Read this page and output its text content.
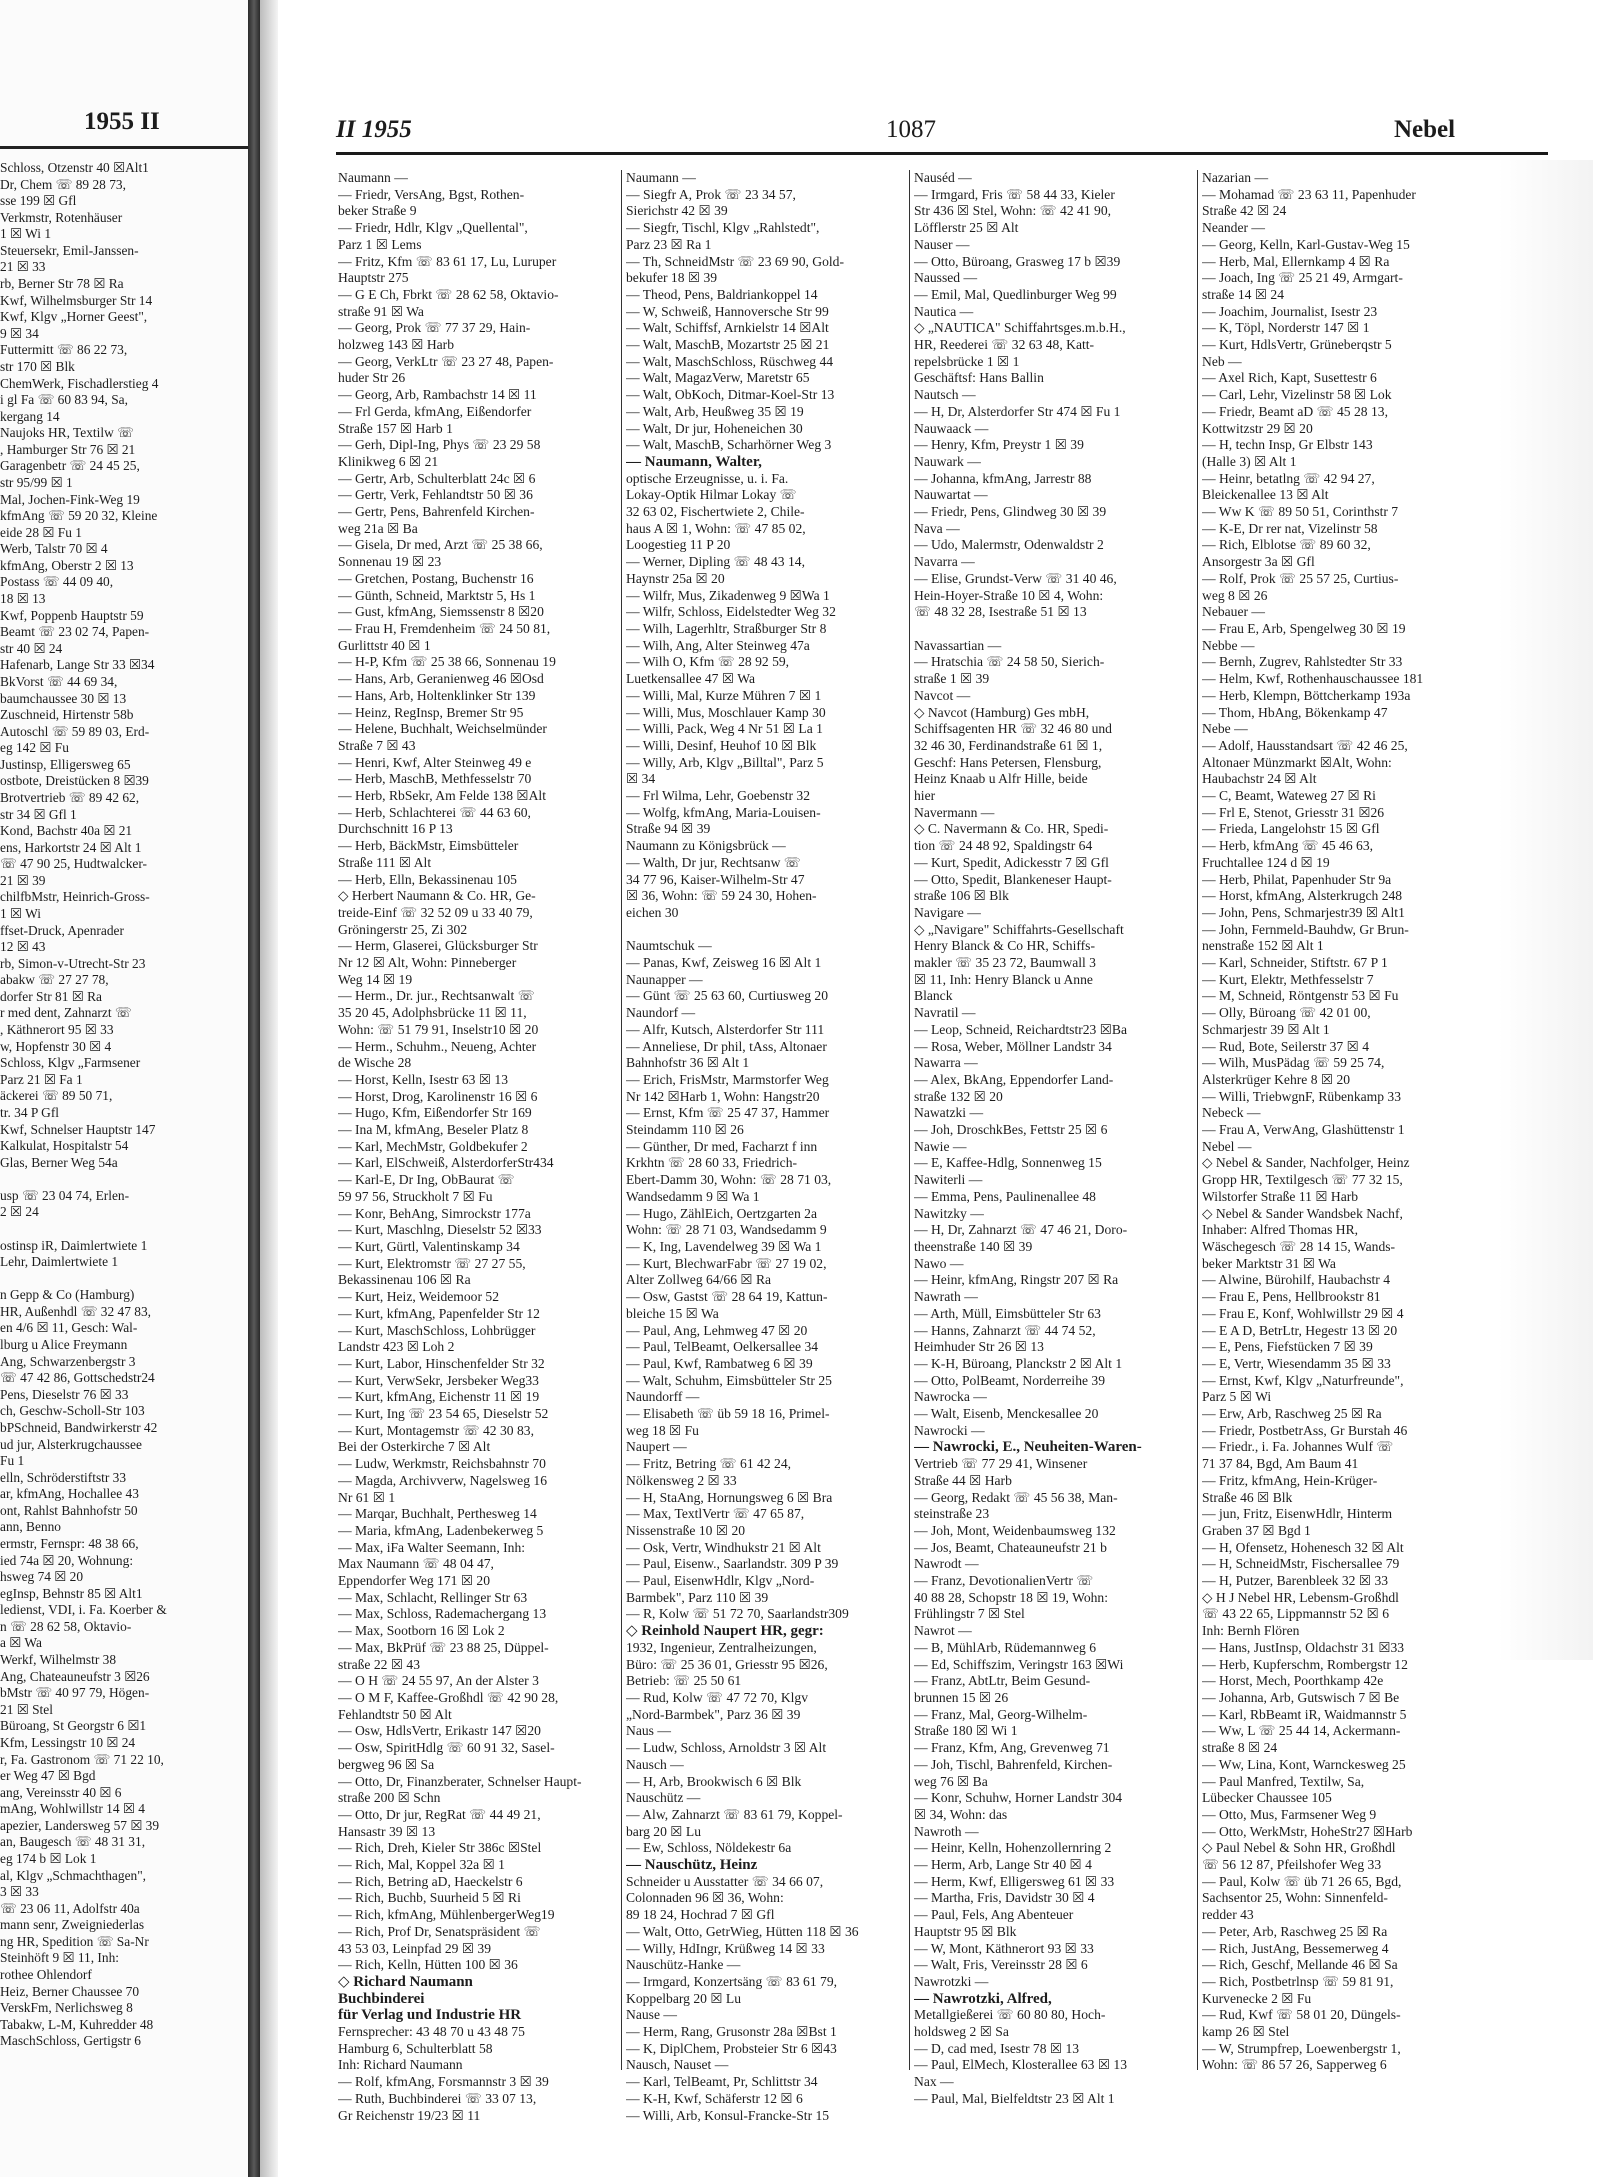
1955 II
Schloss, Otzenstr 40 ☒Alt1
Dr, Chem ☏ 89 28 73,
sse 199 ☒ Gfl
Verkmstr, Rotenhäuser
1 ☒ Wi 1
Steuersekr, Emil-Janssen-
21 ☒ 33
rb, Berner Str 78 ☒ Ra
Kwf, Wilhelmsburger Str 14
Kwf, Klgv „Horner Geest",
9 ☒ 34
Futtermitt ☏ 86 22 73,
str 170 ☒ Blk
ChemWerk, Fischadlerstieg 4
i gl Fa ☏ 60 83 94, Sa,
kergang 14
Naujoks HR, Textilw ☏
, Hamburger Str 76 ☒ 21
Garagenbetr ☏ 24 45 25,
str 95/99 ☒ 1
Mal, Jochen-Fink-Weg 19
kfmAng ☏ 59 20 32, Kleine
eide 28 ☒ Fu 1
Werb, Talstr 70 ☒ 4
kfmAng, Oberstr 2 ☒ 13
Postass ☏ 44 09 40,
18 ☒ 13
Kwf, Poppenb Hauptstr 59
Beamt ☏ 23 02 74, Papen-
str 40 ☒ 24
Hafenarb, Lange Str 33 ☒34
BkVorst ☏ 44 69 34,
baumchaussee 30 ☒ 13
Zuschneid, Hirtenstr 58b
Autoschl ☏ 59 89 03, Erd-
eg 142 ☒ Fu
Justinsp, Elligersweg 65
ostbote, Dreistücken 8 ☒39
Brotvertrieb ☏ 89 42 62,
str 34 ☒ Gfl 1
Kond, Bachstr 40a ☒ 21
ens, Harkortstr 24 ☒ Alt 1
☏ 47 90 25, Hudtwalcker-
21 ☒ 39
chilfbMstr, Heinrich-Gross-
1 ☒ Wi
ffset-Druck, Apenrader
12 ☒ 43
rb, Simon-v-Utrecht-Str 23
abakw ☏ 27 27 78,
dorfer Str 81 ☒ Ra
r med dent, Zahnarzt ☏
, Käthnerort 95 ☒ 33
w, Hopfenstr 30 ☒ 4
Schloss, Klgv „Farmsener
Parz 21 ☒ Fa 1
äckerei ☏ 89 50 71,
tr. 34 P Gfl
Kwf, Schnelser Hauptstr 147
Kalkulat, Hospitalstr 54
Glas, Berner Weg 54a

usp ☏ 23 04 74, Erlen-
2 ☒ 24

ostinsp iR, Daimlertwiete 1
Lehr, Daimlertwiete 1

n Gepp & Co (Hamburg)
HR, Außenhdl ☏ 32 47 83,
en 4/6 ☒ 11, Gesch: Wal-
lburg u Alice Freymann
Ang, Schwarzenbergstr 3
☏ 47 42 86, Gottschedstr24
Pens, Dieselstr 76 ☒ 33
ch, Geschw-Scholl-Str 103
bPSchneid, Bandwirkerstr 42
ud jur, Alsterkrugchaussee
Fu 1
elln, Schröderstiftstr 33
ar, kfmAng, Hochallee 43
ont, Rahlst Bahnhofstr 50
ann, Benno
ermstr, Fernspr: 48 38 66,
ied 74a ☒ 20, Wohnung:
hsweg 74 ☒ 20
egInsp, Behnstr 85 ☒ Alt1
ledienst, VDI, i. Fa. Koerber &
n ☏ 28 62 58, Oktavio-
a ☒ Wa
Werkf, Wilhelmstr 38
Ang, Chateauneufstr 3 ☒26
bMstr ☏ 40 97 79, Högen-
21 ☒ Stel
Büroang, St Georgstr 6 ☒1
Kfm, Lessingstr 10 ☒ 24
r, Fa. Gastronom ☏ 71 22 10,
er Weg 47 ☒ Bgd
ang, Vereinsstr 40 ☒ 6
mAng, Wohlwillstr 14 ☒ 4
apezier, Landersweg 57 ☒ 39
an, Baugesch ☏ 48 31 31,
eg 174 b ☒ Lok 1
al, Klgv „Schmachthagen",
3 ☒ 33
☏ 23 06 11, Adolfstr 40a
mann senr, Zweigniederlas
ng HR, Spedition ☏ Sa-Nr
Steinhöft 9 ☒ 11, Inh:
rothee Ohlendorf
Heiz, Berner Chaussee 70
VerskFm, Nerlichsweg 8
Tabakw, L-M, Kuhredder 48
MaschSchloss, Gertigstr 6
II 1955	1087	Nebel
Naumann —
— Friedr, VersAng, Bgst, Rothen-
beker Straße 9
— Friedr, Hdlr, Klgv „Quellental",
Parz 1 ☒ Lems
— Fritz, Kfm ☏ 83 61 17, Lu, Luruper
Hauptstr 275
— G E Ch, Fbrkt ☏ 28 62 58, Oktavio-
straße 91 ☒ Wa
— Georg, Prok ☏ 77 37 29, Hain-
holzweg 143 ☒ Harb
— Georg, VerkLtr ☏ 23 27 48, Papen-
huder Str 26
— Georg, Arb, Rambachstr 14 ☒ 11
— Frl Gerda, kfmAng, Eißendorfer
Straße 157 ☒ Harb 1
— Gerh, Dipl-Ing, Phys ☏ 23 29 58
Klinikweg 6 ☒ 21
— Gertr, Arb, Schulterblatt 24c ☒ 6
— Gertr, Verk, Fehlandtstr 50 ☒ 36
— Gertr, Pens, Bahrenfeld Kirchen-
weg 21a ☒ Ba
— Gisela, Dr med, Arzt ☏ 25 38 66,
Sonnenau 19 ☒ 23
— Gretchen, Postang, Buchenstr 16
— Günth, Schneid, Marktstr 5, Hs 1
— Gust, kfmAng, Siemssenstr 8 ☒20
— Frau H, Fremdenheim ☏ 24 50 81,
Gurlittstr 40 ☒ 1
— H-P, Kfm ☏ 25 38 66, Sonnenau 19
— Hans, Arb, Geranienweg 46 ☒Osd
— Hans, Arb, Holtenklinker Str 139
— Heinz, RegInsp, Bremer Str 95
— Helene, Buchhalt, Weichselmünder
Straße 7 ☒ 43
— Henri, Kwf, Alter Steinweg 49 e
— Herb, MaschB, Methfesselstr 70
— Herb, RbSekr, Am Felde 138 ☒Alt
— Herb, Schlachterei ☏ 44 63 60,
Durchschnitt 16 P 13
— Herb, BäckMstr, Eimsbütteler
Straße 111 ☒ Alt
— Herb, Elln, Bekassinenau 105
◇ Herbert Naumann & Co. HR, Ge-
treide-Einf ☏ 32 52 09 u 33 40 79,
Gröningerstr 25, Zi 302
— Herm, Glaserei, Glücksburger Str
Nr 12 ☒ Alt, Wohn: Pinneberger
Weg 14 ☒ 19
— Herm., Dr. jur., Rechtsanwalt ☏
35 20 45, Adolphsbrücke 11 ☒ 11,
Wohn: ☏ 51 79 91, Inselstr10 ☒ 20
— Herm., Schuhm., Neueng, Achter
de Wische 28
— Horst, Kelln, Isestr 63 ☒ 13
— Horst, Drog, Karolinenstr 16 ☒ 6
— Hugo, Kfm, Eißendorfer Str 169
— Ina M, kfmAng, Beseler Platz 8
— Karl, MechMstr, Goldbekufer 2
— Karl, ElSchweiß, AlsterdorferStr434
— Karl-E, Dr Ing, ObBaurat ☏
59 97 56, Struckholt 7 ☒ Fu
— Konr, BehAng, Simrockstr 177a
— Kurt, Maschlng, Dieselstr 52 ☒33
— Kurt, Gürtl, Valentinskamp 34
— Kurt, Elektromstr ☏ 27 27 55,
Bekassinenau 106 ☒ Ra
— Kurt, Heiz, Weidemoor 52
— Kurt, kfmAng, Papenfelder Str 12
— Kurt, MaschSchloss, Lohbrügger
Landstr 423 ☒ Loh 2
— Kurt, Labor, Hinschenfelder Str 32
— Kurt, VerwSekr, Jersbeker Weg33
— Kurt, kfmAng, Eichenstr 11 ☒ 19
— Kurt, Ing ☏ 23 54 65, Dieselstr 52
— Kurt, Montagemstr ☏ 42 30 83,
Bei der Osterkirche 7 ☒ Alt
— Ludw, Werkmstr, Reichsbahnstr 70
— Magda, Archivverw, Nagelsweg 16
Nr 61 ☒ 1
— Marqar, Buchhalt, Perthesweg 14
— Maria, kfmAng, Ladenbekerweg 5
— Max, iFa Walter Seemann, Inh:
Max Naumann ☏ 48 04 47,
Eppendorfer Weg 171 ☒ 20
— Max, Schlacht, Rellinger Str 63
— Max, Schloss, Rademachergang 13
— Max, Sootborn 16 ☒ Lok 2
— Max, BkPrüf ☏ 23 88 25, Düppel-
straße 22 ☒ 43
— O H ☏ 24 55 97, An der Alster 3
— O M F, Kaffee-Großhdl ☏ 42 90 28,
Fehlandtstr 50 ☒ Alt
— Osw, HdlsVertr, Erikastr 147 ☒20
— Osw, SpiritHdlg ☏ 60 91 32, Sasel-
bergweg 96 ☒ Sa
— Otto, Dr, Finanzberater, Schnelser Haupt-
straße 200 ☒ Schn
— Otto, Dr jur, RegRat ☏ 44 49 21,
Hansastr 39 ☒ 13
— Rich, Dreh, Kieler Str 386c ☒Stel
— Rich, Mal, Koppel 32a ☒ 1
— Rich, Betring aD, Haeckelstr 6
— Rich, Buchb, Suurheid 5 ☒ Ri
— Rich, kfmAng, MühlenbergerWeg19
— Rich, Prof Dr, Senatspräsident ☏
43 53 03, Leinpfad 29 ☒ 39
— Rich, Kelln, Hütten 100 ☒ 36
◇ Richard Naumann
Buchbinderei
für Verlag und Industrie HR
Fernsprecher: 43 48 70 u 43 48 75
Hamburg 6, Schulterblatt 58
Inh: Richard Naumann
— Rolf, kfmAng, Forsmannstr 3 ☒ 39
— Ruth, Buchbinderei ☏ 33 07 13,
Gr Reichenstr 19/23 ☒ 11
Naumann —
— Siegfr A, Prok ☏ 23 34 57,
Sierichstr 42 ☒ 39
— Siegfr, Tischl, Klgv „Rahlstedt",
Parz 23 ☒ Ra 1
— Th, SchneidMstr ☏ 23 69 90, Gold-
bekufer 18 ☒ 39
— Theod, Pens, Baldriankoppel 14
— W, Schweiß, Hannoversche Str 99
— Walt, Schiffsf, Arnkielstr 14 ☒Alt
— Walt, MaschB, Mozartstr 25 ☒ 21
— Walt, MaschSchloss, Rüschweg 44
— Walt, MagazVerw, Maretstr 65
— Walt, ObKoch, Ditmar-Koel-Str 13
— Walt, Arb, Heußweg 35 ☒ 19
— Walt, Dr jur, Hoheneichen 30
— Walt, MaschB, Scharhörner Weg 3
— Naumann, Walter,
optische Erzeugnisse, u. i. Fa.
Lokay-Optik Hilmar Lokay ☏
32 63 02, Fischertwiete 2, Chile-
haus A ☒ 1, Wohn: ☏ 47 85 02,
Loogestieg 11 P 20
— Werner, Dipling ☏ 48 43 14,
Haynstr 25a ☒ 20
— Wilfr, Mus, Zikadenweg 9 ☒Wa 1
— Wilfr, Schloss, Eidelstedter Weg 32
— Wilh, Lagerhltr, Straßburger Str 8
— Wilh, Ang, Alter Steinweg 47a
— Wilh O, Kfm ☏ 28 92 59,
Luetkensallee 47 ☒ Wa
— Willi, Mal, Kurze Mühren 7 ☒ 1
— Willi, Mus, Moschlauer Kamp 30
— Willi, Pack, Weg 4 Nr 51 ☒ La 1
— Willi, Desinf, Heuhof 10 ☒ Blk
— Willy, Arb, Klgv „Billtal", Parz 5
☒ 34
— Frl Wilma, Lehr, Goebenstr 32
— Wolfg, kfmAng, Maria-Louisen-
Straße 94 ☒ 39
Naumann zu Königsbrück —
— Walth, Dr jur, Rechtsanw ☏
34 77 96, Kaiser-Wilhelm-Str 47
☒ 36, Wohn: ☏ 59 24 30, Hohen-
eichen 30

Naumtschuk —
— Panas, Kwf, Zeisweg 16 ☒ Alt 1
Naunapper —
— Günt ☏ 25 63 60, Curtiusweg 20
Naundorf —
— Alfr, Kutsch, Alsterdorfer Str 111
— Anneliese, Dr phil, tAss, Altonaer
Bahnhofstr 36 ☒ Alt 1
— Erich, FrisMstr, Marmstorfer Weg
Nr 142 ☒Harb 1, Wohn: Hangstr20
— Ernst, Kfm ☏ 25 47 37, Hammer
Steindamm 110 ☒ 26
— Günther, Dr med, Facharzt f inn
Krkhtn ☏ 28 60 33, Friedrich-
Ebert-Damm 30, Wohn: ☏ 28 71 03,
Wandsedamm 9 ☒ Wa 1
— Hugo, ZählEich, Oertzgarten 2a
Wohn: ☏ 28 71 03, Wandsedamm 9
— K, Ing, Lavendelweg 39 ☒ Wa 1
— Kurt, BlechwarFabr ☏ 27 19 02,
Alter Zollweg 64/66 ☒ Ra
— Osw, Gastst ☏ 28 64 19, Kattun-
bleiche 15 ☒ Wa
— Paul, Ang, Lehmweg 47 ☒ 20
— Paul, TelBeamt, Oelkersallee 34
— Paul, Kwf, Rambatweg 6 ☒ 39
— Walt, Schuhm, Eimsbütteler Str 25
Naundorff —
— Elisabeth ☏ üb 59 18 16, Primel-
weg 18 ☒ Fu
Naupert —
— Fritz, Betring ☏ 61 42 24,
Nölkensweg 2 ☒ 33
— H, StaAng, Hornungsweg 6 ☒ Bra
— Max, TextlVertr ☏ 47 65 87,
Nissenstraße 10 ☒ 20
— Osk, Vertr, Windhukstr 21 ☒ Alt
— Paul, Eisenw., Saarlandstr. 309 P 39
— Paul, EisenwHdlr, Klgv „Nord-
Barmbek", Parz 110 ☒ 39
— R, Kolw ☏ 51 72 70, Saarlandstr309
◇ Reinhold Naupert HR, gegr:
1932, Ingenieur, Zentralheizungen,
Büro: ☏ 25 36 01, Griesstr 95 ☒26,
Betrieb: ☏ 25 50 61
— Rud, Kolw ☏ 47 72 70, Klgv
„Nord-Barmbek", Parz 36 ☒ 39
Naus —
— Ludw, Schloss, Arnoldstr 3 ☒ Alt
Nausch —
— H, Arb, Brookwisch 6 ☒ Blk
Nauschütz —
— Alw, Zahnarzt ☏ 83 61 79, Koppel-
barg 20 ☒ Lu
— Ew, Schloss, Nöldekestr 6a
— Nauschütz, Heinz
Schneider u Ausstatter ☏ 34 66 07,
Colonnaden 96 ☒ 36, Wohn:
89 18 24, Hochrad 7 ☒ Gfl
— Walt, Otto, GetrWieg, Hütten 118 ☒ 36
— Willy, HdIngr, Krüßweg 14 ☒ 33
Nauschütz-Hanke —
— Irmgard, Konzertsäng ☏ 83 61 79,
Koppelbarg 20 ☒ Lu
Nause —
— Herm, Rang, Grusonstr 28a ☒Bst 1
— K, DiplChem, Probsteier Str 6 ☒43
Nausch, Nauset —
— Karl, TelBeamt, Pr, Schlittstr 34
— K-H, Kwf, Schäferstr 12 ☒ 6
— Willi, Arb, Konsul-Francke-Str 15
Nauséd —
— Irmgard, Fris ☏ 58 44 33, Kieler
Str 436 ☒ Stel, Wohn: ☏ 42 41 90,
Löfflerstr 25 ☒ Alt
Nauser —
— Otto, Büroang, Grasweg 17 b ☒39
Naussed —
— Emil, Mal, Quedlinburger Weg 99
Nautica —
◇ „NAUTICA" Schiffahrtsges.m.b.H.,
HR, Reederei ☏ 32 63 48, Katt-
repelsbrücke 1 ☒ 1
Geschäftsf: Hans Ballin
Nautsch —
— H, Dr, Alsterdorfer Str 474 ☒ Fu 1
Nauwaack —
— Henry, Kfm, Preystr 1 ☒ 39
Nauwark —
— Johanna, kfmAng, Jarrestr 88
Nauwartat —
— Friedr, Pens, Glindweg 30 ☒ 39
Nava —
— Udo, Malermstr, Odenwaldstr 2
Navarra —
— Elise, Grundst-Verw ☏ 31 40 46,
Hein-Hoyer-Straße 10 ☒ 4, Wohn:
☏ 48 32 28, Isestraße 51 ☒ 13

Navassartian —
— Hratschia ☏ 24 58 50, Sierich-
straße 1 ☒ 39
Navcot —
◇ Navcot (Hamburg) Ges mbH,
Schiffsagenten HR ☏ 32 46 80 und
32 46 30, Ferdinandstraße 61 ☒ 1,
Geschf: Hans Petersen, Flensburg,
Heinz Knaab u Alfr Hille, beide
hier
Navermann —
◇ C. Navermann & Co. HR, Spedi-
tion ☏ 24 48 92, Spaldingstr 64
— Kurt, Spedit, Adickesstr 7 ☒ Gfl
— Otto, Spedit, Blankeneser Haupt-
straße 106 ☒ Blk
Navigare —
◇ „Navigare" Schiffahrts-Gesellschaft
Henry Blanck & Co HR, Schiffs-
makler ☏ 35 23 72, Baumwall 3
☒ 11, Inh: Henry Blanck u Anne
Blanck
Navratil —
— Leop, Schneid, Reichardtstr23 ☒Ba
— Rosa, Weber, Möllner Landstr 34
Nawarra —
— Alex, BkAng, Eppendorfer Land-
straße 132 ☒ 20
Nawatzki —
— Joh, DroschkBes, Fettstr 25 ☒ 6
Nawie —
— E, Kaffee-Hdlg, Sonnenweg 15
Nawiterli —
— Emma, Pens, Paulinenallee 48
Nawitzky —
— H, Dr, Zahnarzt ☏ 47 46 21, Doro-
theenstraße 140 ☒ 39
Nawo —
— Heinr, kfmAng, Ringstr 207 ☒ Ra
Nawrath —
— Arth, Müll, Eimsbütteler Str 63
— Hanns, Zahnarzt ☏ 44 74 52,
Heimhuder Str 26 ☒ 13
— K-H, Büroang, Planckstr 2 ☒ Alt 1
— Otto, PolBeamt, Norderreihe 39
Nawrocka —
— Walt, Eisenb, Menckesallee 20
Nawrocki —
— Nawrocki, E., Neuheiten-Waren-
Vertrieb ☏ 77 29 41, Winsener
Straße 44 ☒ Harb
— Georg, Redakt ☏ 45 56 38, Man-
steinstraße 23
— Joh, Mont, Weidenbaumsweg 132
— Jos, Beamt, Chateauneufstr 21 b
Nawrodt —
— Franz, DevotionalienVertr ☏
40 88 28, Schopstr 18 ☒ 19, Wohn:
Frühlingstr 7 ☒ Stel
Nawrot —
— B, MühlArb, Rüdemannweg 6
— Ed, Schiffszim, Veringstr 163 ☒Wi
— Franz, AbtLtr, Beim Gesund-
brunnen 15 ☒ 26
— Franz, Mal, Georg-Wilhelm-
Straße 180 ☒ Wi 1
— Franz, Kfm, Ang, Grevenweg 71
— Joh, Tischl, Bahrenfeld, Kirchen-
weg 76 ☒ Ba
— Konr, Schuhw, Horner Landstr 304
☒ 34, Wohn: das
Nawroth —
— Heinr, Kelln, Hohenzollernring 2
— Herm, Arb, Lange Str 40 ☒ 4
— Herm, Kwf, Elligersweg 61 ☒ 33
— Martha, Fris, Davidstr 30 ☒ 4
— Paul, Fels, Ang Abenteuer
Hauptstr 95 ☒ Blk
— W, Mont, Käthnerort 93 ☒ 33
— Walt, Fris, Vereinsstr 28 ☒ 6
Nawrotzki —
— Nawrotzki, Alfred,
Metallgießerei ☏ 60 80 80, Hoch-
holdsweg 2 ☒ Sa
— D, cad med, Isestr 78 ☒ 13
— Paul, ElMech, Klosterallee 63 ☒ 13
Nax —
— Paul, Mal, Bielfeldtstr 23 ☒ Alt 1
Nazarian —
— Mohamad ☏ 23 63 11, Papenhuder
Straße 42 ☒ 24
Neander —
— Georg, Kelln, Karl-Gustav-Weg 15
— Herb, Mal, Ellernkamp 4 ☒ Ra
— Joach, Ing ☏ 25 21 49, Armgart-
straße 14 ☒ 24
— Joachim, Journalist, Isestr 23
— K, Töpl, Norderstr 147 ☒ 1
— Kurt, HdlsVertr, Grüneberqstr 5
Neb —
— Axel Rich, Kapt, Susettestr 6
— Carl, Lehr, Vizelinstr 58 ☒ Lok
— Friedr, Beamt aD ☏ 45 28 13,
Kottwitzstr 29 ☒ 20
— H, techn Insp, Gr Elbstr 143
(Halle 3) ☒ Alt 1
— Heinr, betatlng ☏ 42 94 27,
Bleickenallee 13 ☒ Alt
— Ww K ☏ 89 50 51, Corinthstr 7
— K-E, Dr rer nat, Vizelinstr 58
— Rich, Elblotse ☏ 89 60 32,
Ansorgestr 3a ☒ Gfl
— Rolf, Prok ☏ 25 57 25, Curtius-
weg 8 ☒ 26
Nebauer —
— Frau E, Arb, Spengelweg 30 ☒ 19
Nebbe —
— Bernh, Zugrev, Rahlstedter Str 33
— Helm, Kwf, Rothenhauschaussee 181
— Herb, Klempn, Böttcherkamp 193a
— Thom, HbAng, Bökenkamp 47
Nebe —
— Adolf, Hausstandsart ☏ 42 46 25,
Altonaer Münzmarkt ☒Alt, Wohn:
Haubachstr 24 ☒ Alt
— C, Beamt, Wateweg 27 ☒ Ri
— Frl E, Stenot, Griesstr 31 ☒26
— Frieda, Langelohstr 15 ☒ Gfl
— Herb, kfmAng ☏ 45 46 63,
Fruchtallee 124 d ☒ 19
— Herb, Philat, Papenhuder Str 9a
— Horst, kfmAng, Alsterkrugch 248
— John, Pens, Schmarjestr39 ☒ Alt1
— John, Fernmeld-Bauhdw, Gr Brun-
nenstraße 152 ☒ Alt 1
— Karl, Schneider, Stiftstr. 67 P 1
— Kurt, Elektr, Methfesselstr 7
— M, Schneid, Röntgenstr 53 ☒ Fu
— Olly, Büroang ☏ 42 01 00,
Schmarjestr 39 ☒ Alt 1
— Rud, Bote, Seilerstr 37 ☒ 4
— Wilh, MusPädag ☏ 59 25 74,
Alsterkrüger Kehre 8 ☒ 20
— Willi, TriebwgnF, Rübenkamp 33
Nebeck —
— Frau A, VerwAng, Glashüttenstr 1
Nebel —
◇ Nebel & Sander, Nachfolger, Heinz
Gropp HR, Textilgesch ☏ 77 32 15,
Wilstorfer Straße 11 ☒ Harb
◇ Nebel & Sander Wandsbek Nachf,
Inhaber: Alfred Thomas HR,
Wäschegesch ☏ 28 14 15, Wands-
beker Marktstr 31 ☒ Wa
— Alwine, Bürohilf, Haubachstr 4
— Frau E, Pens, Hellbrookstr 81
— Frau E, Konf, Wohlwillstr 29 ☒ 4
— E A D, BetrLtr, Hegestr 13 ☒ 20
— E, Pens, Fiefstücken 7 ☒ 39
— E, Vertr, Wiesendamm 35 ☒ 33
— Ernst, Kwf, Klgv „Naturfreunde",
Parz 5 ☒ Wi
— Erw, Arb, Raschweg 25 ☒ Ra
— Friedr, PostbetrAss, Gr Burstah 46
— Friedr., i. Fa. Johannes Wulf ☏
71 37 84, Bgd, Am Baum 41
— Fritz, kfmAng, Hein-Krüger-
Straße 46 ☒ Blk
— jun, Fritz, EisenwHdlr, Hinterm
Graben 37 ☒ Bgd 1
— H, Ofensetz, Hohenesch 32 ☒ Alt
— H, SchneidMstr, Fischersallee 79
— H, Putzer, Barenbleek 32 ☒ 33
◇ H J Nebel HR, Lebensm-Großhdl
☏ 43 22 65, Lippmannstr 52 ☒ 6
Inh: Bernh Flören
— Hans, JustInsp, Oldachstr 31 ☒33
— Herb, Kupferschm, Rombergstr 12
— Horst, Mech, Poorthkamp 42e
— Johanna, Arb, Gutswisch 7 ☒ Be
— Karl, RbBeamt iR, Waidmannstr 5
— Ww, L ☏ 25 44 14, Ackermann-
straße 8 ☒ 24
— Ww, Lina, Kont, Warnckesweg 25
— Paul Manfred, Textilw, Sa,
Lübecker Chaussee 105
— Otto, Mus, Farmsener Weg 9
— Otto, WerkMstr, HoheStr27 ☒Harb
◇ Paul Nebel & Sohn HR, Großhdl
☏ 56 12 87, Pfeilshofer Weg 33
— Paul, Kolw ☏ üb 71 26 65, Bgd,
Sachsentor 25, Wohn: Sinnenfeld-
redder 43
— Peter, Arb, Raschweg 25 ☒ Ra
— Rich, JustAng, Bessemerweg 4
— Rich, Geschf, Mellande 46 ☒ Sa
— Rich, Postbetrlnsp ☏ 59 81 91,
Kurvenecke 2 ☒ Fu
— Rud, Kwf ☏ 58 01 20, Düngels-
kamp 26 ☒ Stel
— W, Strumpfrep, Loewenbergstr 1,
Wohn: ☏ 86 57 26, Sapperweg 6
